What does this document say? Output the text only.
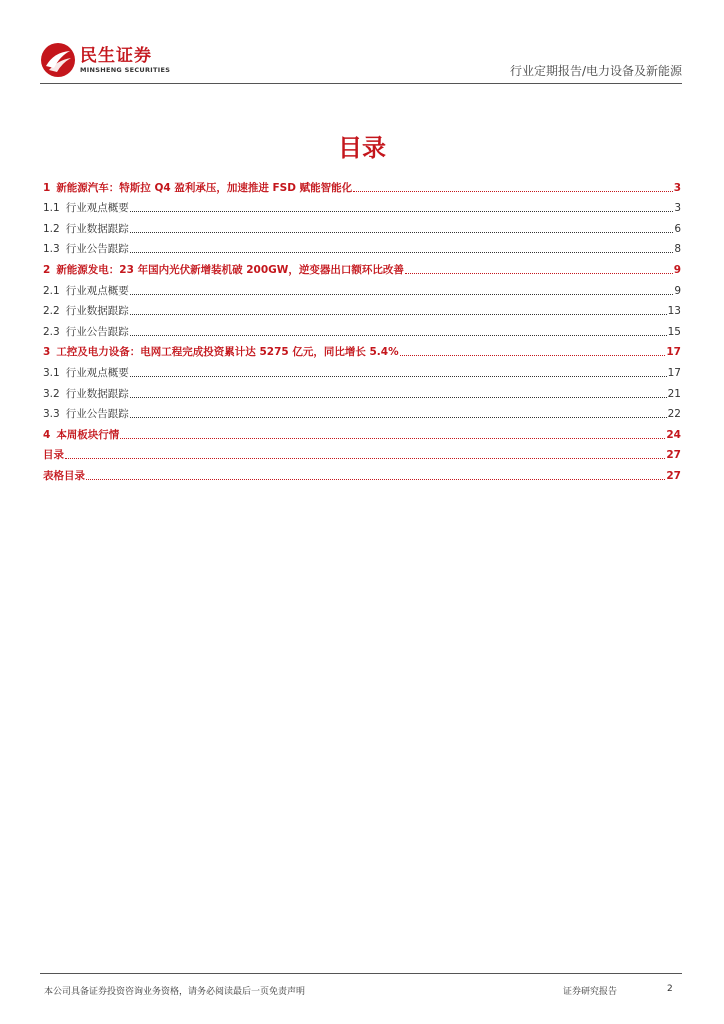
民生证券
MINSHENG SECURITIES	行业定期报告/电力设备及新能源
目录
1 新能源汽车：特斯拉 Q4 盈利承压，加速推进 FSD 赋能智能化	3
1.1 行业观点概要	3
1.2 行业数据跟踪	6
1.3 行业公告跟踪	8
2 新能源发电：23 年国内光伏新增装机破 200GW，逆变器出口额环比改善	9
2.1 行业观点概要	9
2.2 行业数据跟踪	13
2.3 行业公告跟踪	15
3 工控及电力设备：电网工程完成投资累计达 5275 亿元，同比增长 5.4%	17
3.1 行业观点概要	17
3.2 行业数据跟踪	21
3.3 行业公告跟踪	22
4 本周板块行情	24
目录	27
表格目录	27
本公司具备证券投资咨询业务资格，请务必阅读最后一页免责声明	证券研究报告	2
